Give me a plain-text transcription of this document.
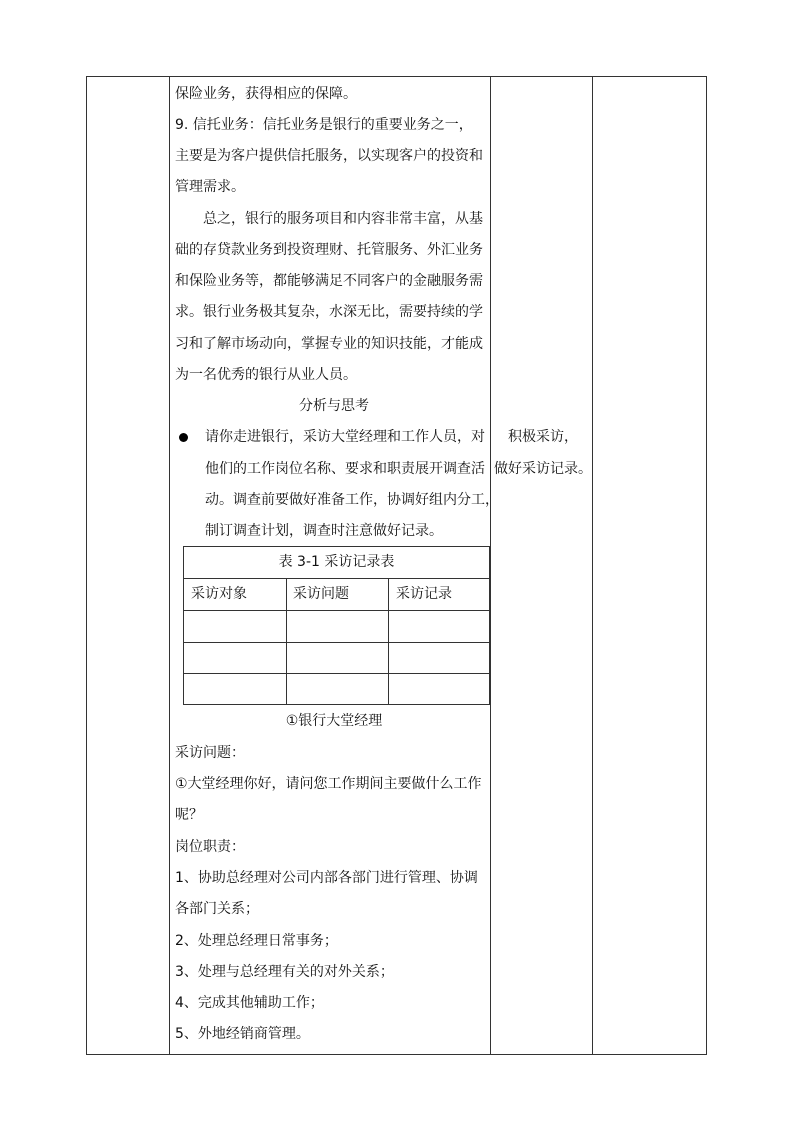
保险业务，获得相应的保障。

9. 信托业务：信托业务是银行的重要业务之一，

主要是为客户提供信托服务，以实现客户的投资和

管理需求。

总之，银行的服务项目和内容非常丰富，从基

础的存贷款业务到投资理财、托管服务、外汇业务

和保险业务等，都能够满足不同客户的金融服务需

求。银行业务极其复杂，水深无比，需要持续的学

习和了解市场动向，掌握专业的知识技能，才能成

为一名优秀的银行从业人员。

分析与思考

请你走进银行，采访大堂经理和工作人员，对

他们的工作岗位名称、要求和职责展开调查活

动。调查前要做好准备工作，协调好组内分工，

制订调查计划，调查时注意做好记录。

①银行大堂经理

采访问题：

①大堂经理你好，请问您工作期间主要做什么工作

呢？

岗位职责：

1、协助总经理对公司内部各部门进行管理、协调

各部门关系；

2、处理总经理日常事务；

3、处理与总经理有关的对外关系；

4、完成其他辅助工作；

5、外地经销商管理。

表 3-1 采访记录表
采访对象	采访问题	采访记录
积极采访，
做好采访记录。
